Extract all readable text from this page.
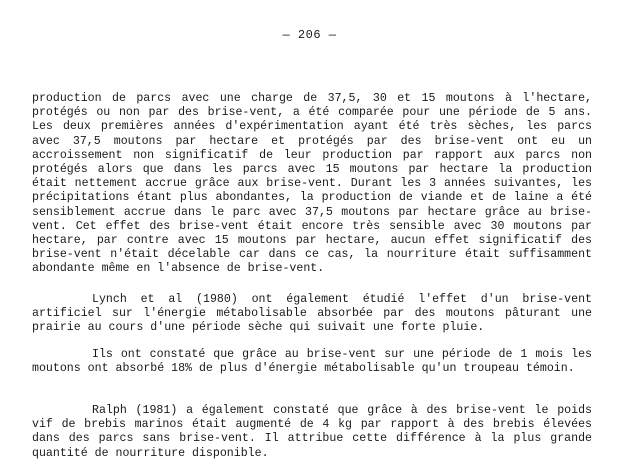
— 206 —

production de parcs avec une charge de 37,5, 30 et 15 moutons à l'hectare, protégés ou non par des brise-vent, a été comparée pour une période de 5 ans. Les deux premières années d'expérimentation ayant été très sèches, les parcs avec 37,5 moutons par hectare et protégés par des brise-vent ont eu un accroissement non significatif de leur production par rapport aux parcs non protégés alors que dans les parcs avec 15 moutons par hectare la production était nettement accrue grâce aux brise-vent. Durant les 3 années suivantes, les précipitations étant plus abondantes, la production de viande et de laine a été sensiblement accrue dans le parc avec 37,5 moutons par hectare grâce au brise-vent. Cet effet des brise-vent était encore très sensible avec 30 moutons par hectare, par contre avec 15 moutons par hectare, aucun effet significatif des brise-vent n'était décelable car dans ce cas, la nourriture était suffisamment abondante même en l'absence de brise-vent.

Lynch et al (1980) ont également étudié l'effet d'un brise-vent artificiel sur l'énergie métabolisable absorbée par des moutons pâturant une prairie au cours d'une période sèche qui suivait une forte pluie.

Ils ont constaté que grâce au brise-vent sur une période de 1 mois les moutons ont absorbé 18% de plus d'énergie métabolisable qu'un troupeau témoin.

Ralph (1981) a également constaté que grâce à des brise-vent le poids vif de brebis marinos était augmenté de 4 kg par rapport à des brebis élevées dans des parcs sans brise-vent. Il attribue cette différence à la plus grande quantité de nourriture disponible.
